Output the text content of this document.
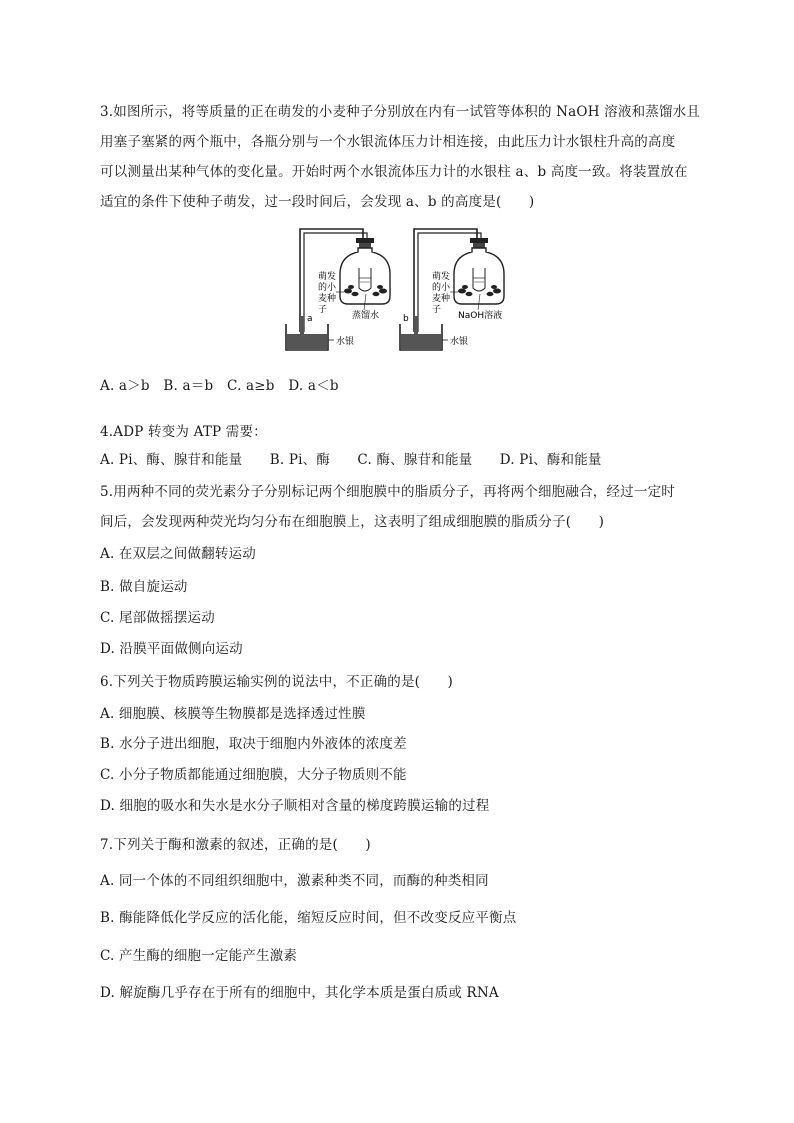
3.如图所示，将等质量的正在萌发的小麦种子分别放在内有一试管等体积的 NaOH 溶液和蒸馏水且
用塞子塞紧的两个瓶中，各瓶分别与一个水银流体压力计相连接，由此压力计水银柱升高的高度
可以测量出某种气体的变化量。开始时两个水银流体压力计的水银柱 a、b 高度一致。将装置放在
适宜的条件下使种子萌发，过一段时间后，会发现 a、b 的高度是(　　)
萌发
的小
麦种
子
蒸馏水
a
水银
萌发
的小
麦种
子
NaOH溶液
b
水银
A. a＞b　B. a＝b　C. a≥b　D. a＜b
4.ADP 转变为 ATP 需要：
A. Pi、酶、腺苷和能量　　B. Pi、酶　　C. 酶、腺苷和能量　　D. Pi、酶和能量
5.用两种不同的荧光素分子分别标记两个细胞膜中的脂质分子，再将两个细胞融合，经过一定时
间后，会发现两种荧光均匀分布在细胞膜上，这表明了组成细胞膜的脂质分子(　　)
A. 在双层之间做翻转运动
B. 做自旋运动
C. 尾部做摇摆运动
D. 沿膜平面做侧向运动
6.下列关于物质跨膜运输实例的说法中，不正确的是(　　)
A. 细胞膜、核膜等生物膜都是选择透过性膜
B. 水分子进出细胞，取决于细胞内外液体的浓度差
C. 小分子物质都能通过细胞膜，大分子物质则不能
D. 细胞的吸水和失水是水分子顺相对含量的梯度跨膜运输的过程
7.下列关于酶和激素的叙述，正确的是(　　)
A. 同一个体的不同组织细胞中，激素种类不同，而酶的种类相同
B. 酶能降低化学反应的活化能，缩短反应时间，但不改变反应平衡点
C. 产生酶的细胞一定能产生激素
D. 解旋酶几乎存在于所有的细胞中，其化学本质是蛋白质或 RNA
